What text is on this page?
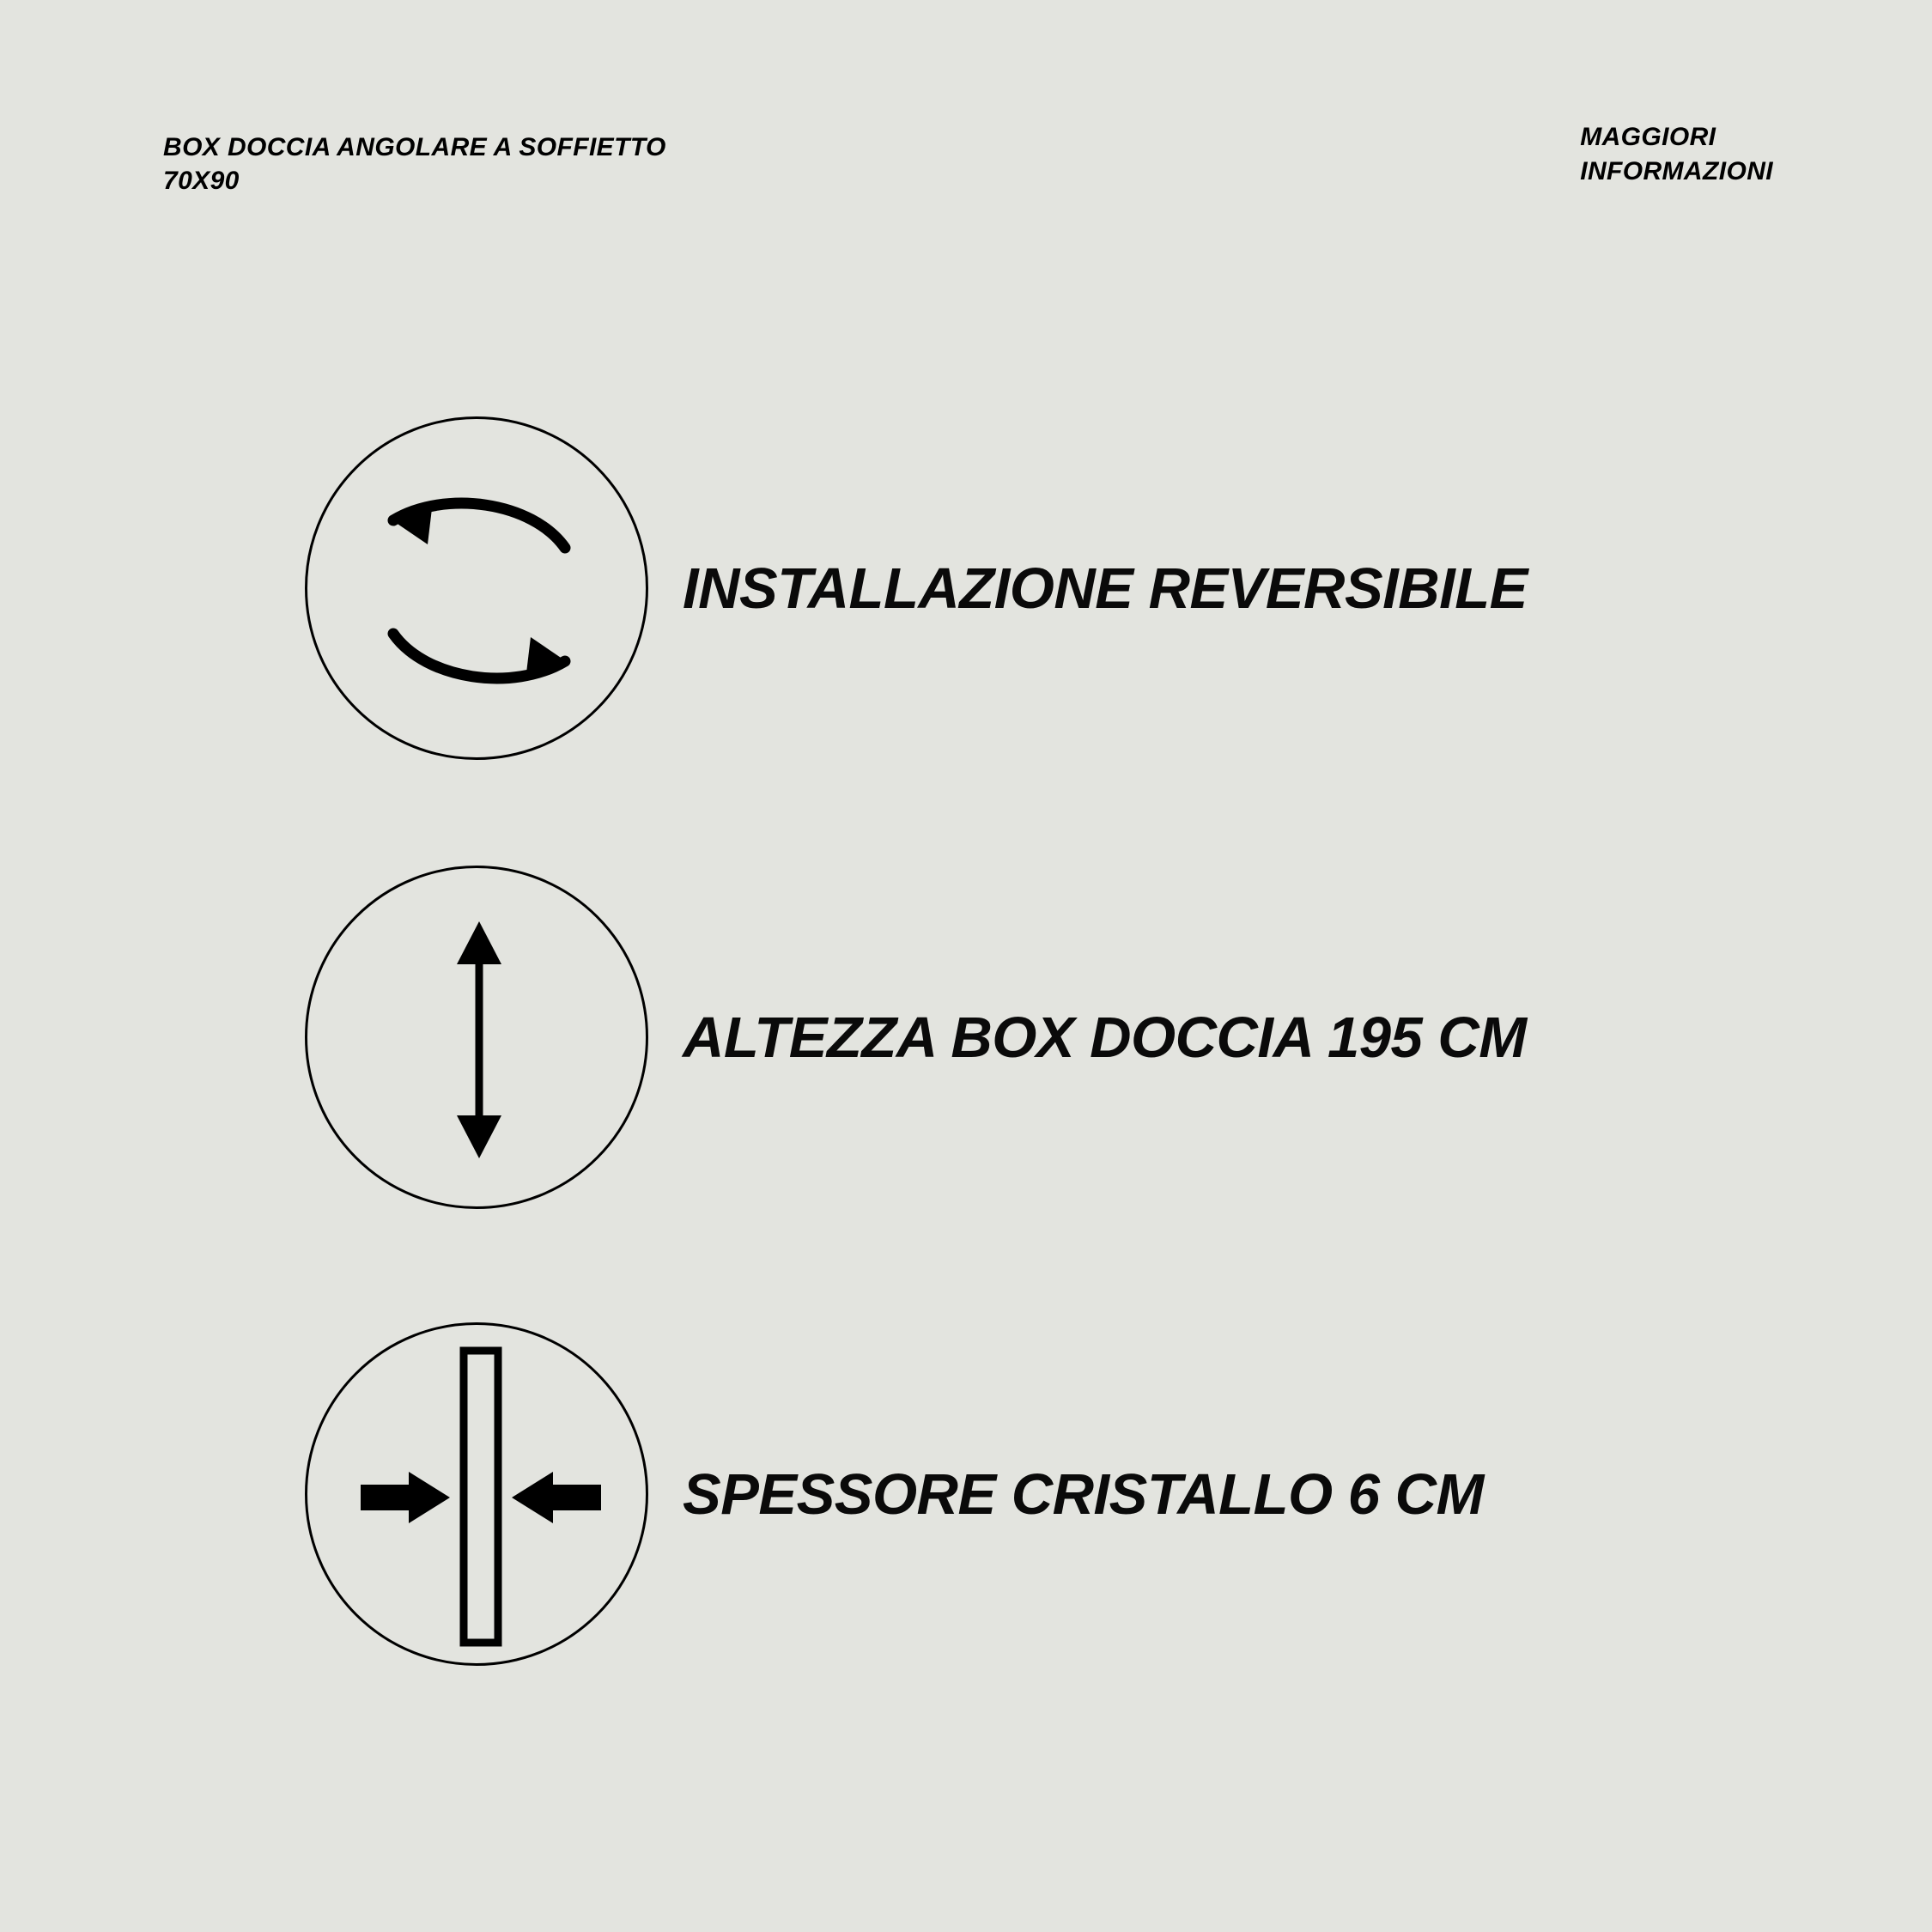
BOX DOCCIA ANGOLARE A SOFFIETTO
70X90
MAGGIORI
INFORMAZIONI
INSTALLAZIONE REVERSIBILE
ALTEZZA BOX DOCCIA 195 CM
SPESSORE CRISTALLO 6 CM
